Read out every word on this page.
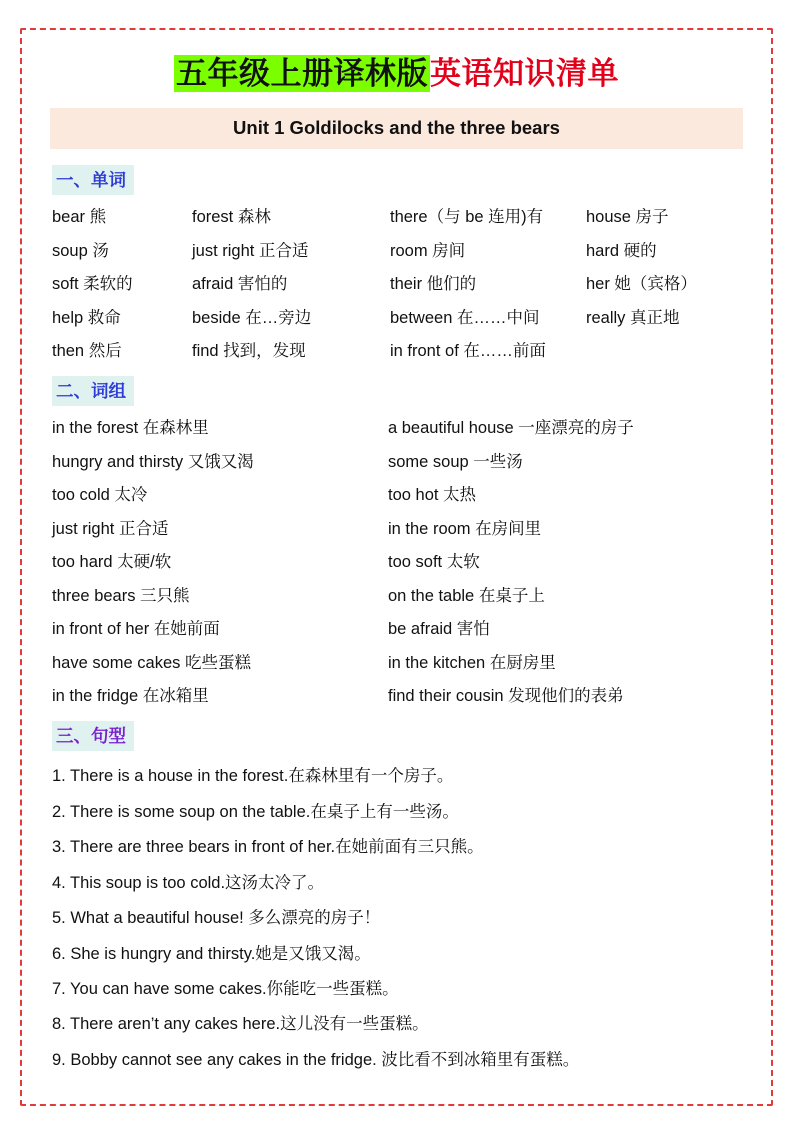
五年级上册译林版英语知识清单
Unit 1 Goldilocks and the three bears
一、单词
bear 熊	forest 森林	there（与 be 连用)有	house 房子
soup 汤	just right 正合适	room 房间	hard 硬的
soft 柔软的	afraid 害怕的	their 他们的	her 她（宾格）
help 救命	beside 在…旁边	between 在……中间	really 真正地
then 然后	find 找到，发现	in front of 在……前面
二、词组
in the forest 在森林里	a beautiful house 一座漂亮的房子
hungry and thirsty 又饿又渴	some soup 一些汤
too cold 太冷	too hot 太热
just right 正合适	in the room 在房间里
too hard 太硬/软	too soft 太软
three bears 三只熊	on the table 在桌子上
in front of her 在她前面	be afraid 害怕
have some cakes 吃些蛋糕	in the kitchen 在厨房里
in the fridge 在冰箱里	find their cousin 发现他们的表弟
三、句型
1. There is a house in the forest.在森林里有一个房子。
2. There is some soup on the table.在桌子上有一些汤。
3. There are three bears in front of her.在她前面有三只熊。
4. This soup is too cold.这汤太冷了。
5. What a beautiful house! 多么漂亮的房子！
6. She is hungry and thirsty.她是又饿又渴。
7. You can have some cakes.你能吃一些蛋糕。
8. There aren’t any cakes here.这儿没有一些蛋糕。
9. Bobby cannot see any cakes in the fridge. 波比看不到冰箱里有蛋糕。
